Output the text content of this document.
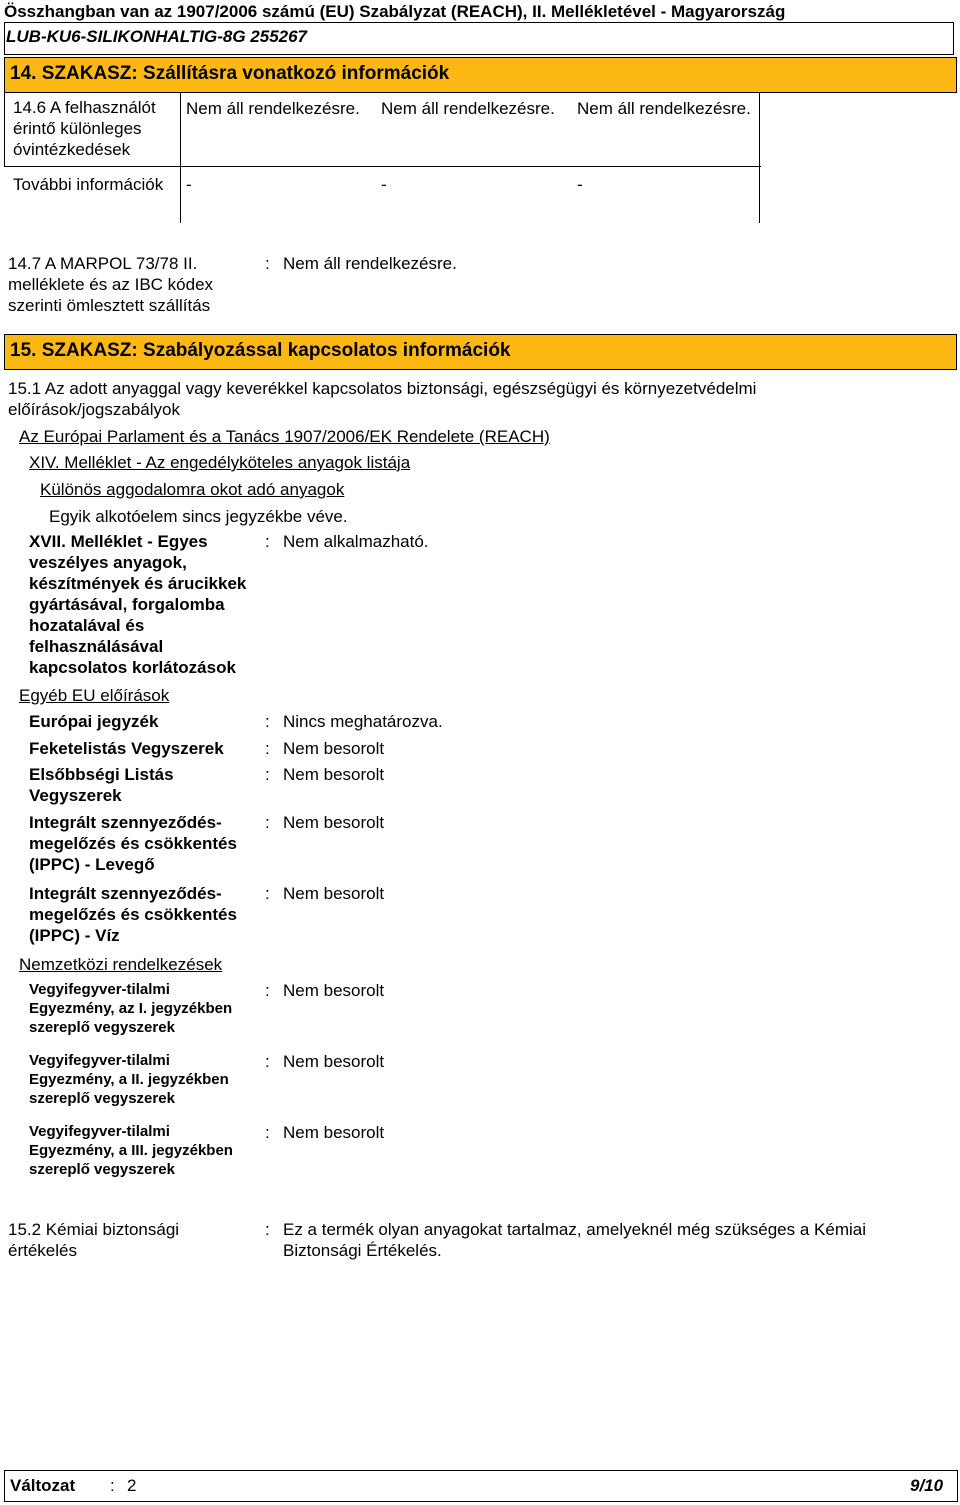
Összhangban van az 1907/2006 számú (EU) Szabályzat (REACH), II. Mellékletével - Magyarország
LUB-KU6-SILIKONHALTIG-8G 255267
14. SZAKASZ: Szállításra vonatkozó információk
14.6 A felhasználót érintő különleges óvintézkedések
Nem áll rendelkezésre. Nem áll rendelkezésre. Nem áll rendelkezésre.
További információk	-	-	-
14.7 A MARPOL 73/78 II. melléklete és az IBC kódex szerinti ömlesztett szállítás
: Nem áll rendelkezésre.
15. SZAKASZ: Szabályozással kapcsolatos információk
15.1 Az adott anyaggal vagy keverékkel kapcsolatos biztonsági, egészségügyi és környezetvédelmi előírások/jogszabályok
Az Európai Parlament és a Tanács 1907/2006/EK Rendelete (REACH)
XIV. Melléklet - Az engedélyköteles anyagok listája
Különös aggodalomra okot adó anyagok
Egyik alkotóelem sincs jegyzékbe véve.
XVII. Melléklet - Egyes veszélyes anyagok, készítmények és árucikkek gyártásával, forgalomba hozatalával és felhasználásával kapcsolatos korlátozások
: Nem alkalmazható.
Egyéb EU előírások
Európai jegyzék	: Nincs meghatározva.
Feketelistás Vegyszerek	: Nem besorolt
Elsőbbségi Listás Vegyszerek
: Nem besorolt
Integrált szennyeződés-megelőzés és csökkentés (IPPC) - Levegő
: Nem besorolt
Integrált szennyeződés-megelőzés és csökkentés (IPPC) - Víz
: Nem besorolt
Nemzetközi rendelkezések
Vegyifegyver-tilalmi Egyezmény, az I. jegyzékben szereplő vegyszerek
: Nem besorolt
Vegyifegyver-tilalmi Egyezmény, a II. jegyzékben szereplő vegyszerek
: Nem besorolt
Vegyifegyver-tilalmi Egyezmény, a III. jegyzékben szereplő vegyszerek
: Nem besorolt
15.2 Kémiai biztonsági értékelés
: Ez a termék olyan anyagokat tartalmaz, amelyeknél még szükséges a Kémiai Biztonsági Értékelés.
Változat : 2	9/10
